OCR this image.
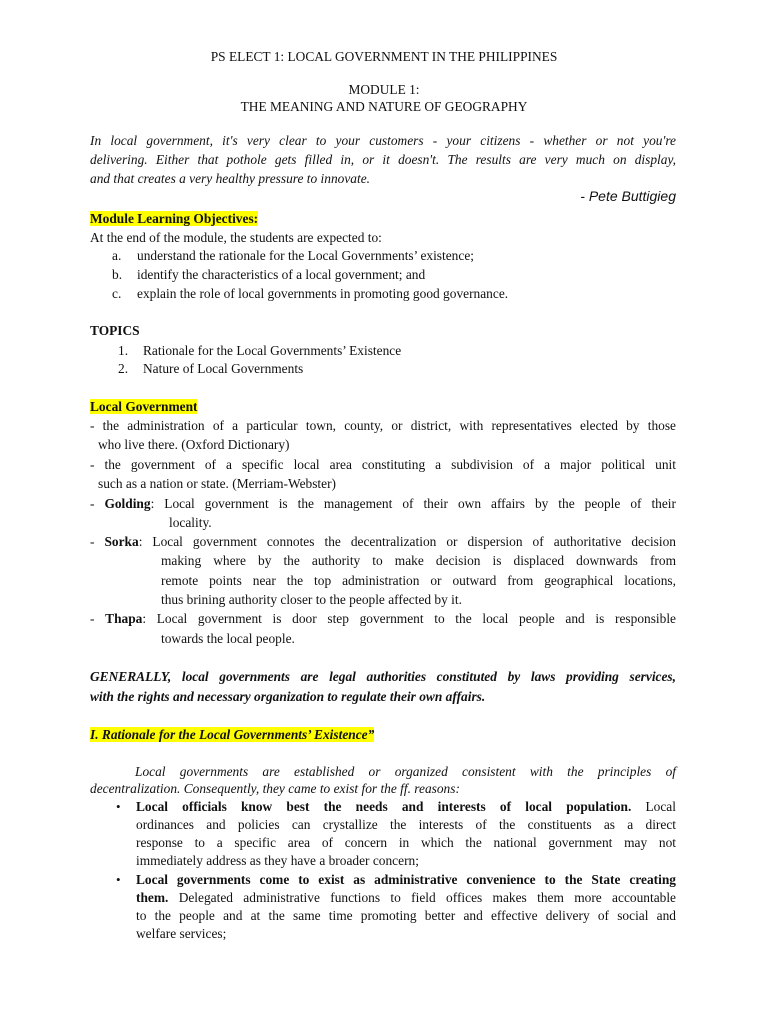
PS ELECT 1: LOCAL GOVERNMENT IN THE PHILIPPINES
MODULE 1:
THE MEANING AND NATURE OF GEOGRAPHY
In local government, it's very clear to your customers - your citizens - whether or not you're
delivering. Either that pothole gets filled in, or it doesn't. The results are very much on display,
and that creates a very healthy pressure to innovate.
- Pete Buttigieg
Module Learning Objectives:
At the end of the module, the students are expected to:
a. understand the rationale for the Local Governments’ existence;
b. identify the characteristics of a local government; and
c. explain the role of local governments in promoting good governance.
TOPICS
1. Rationale for the Local Governments’ Existence
2. Nature of Local Governments
Local Government
- the administration of a particular town, county, or district, with representatives elected by those
who live there. (Oxford Dictionary)
- the government of a specific local area constituting a subdivision of a major political unit
such as a nation or state. (Merriam-Webster)
- Golding: Local government is the management of their own affairs by the people of their
locality.
- Sorka: Local government connotes the decentralization or dispersion of authoritative decision
making where by the authority to make decision is displaced downwards from
remote points near the top administration or outward from geographical locations,
thus brining authority closer to the people affected by it.
- Thapa: Local government is door step government to the local people and is responsible
towards the local people.
GENERALLY, local governments are legal authorities constituted by laws providing services,
with the rights and necessary organization to regulate their own affairs.
I. Rationale for the Local Governments’ Existence”
Local governments are established or organized consistent with the principles of
decentralization. Consequently, they came to exist for the ff. reasons:
• Local officials know best the needs and interests of local population. Local
ordinances and policies can crystallize the interests of the constituents as a direct
response to a specific area of concern in which the national government may not
immediately address as they have a broader concern;
• Local governments come to exist as administrative convenience to the State creating
them. Delegated administrative functions to field offices makes them more accountable
to the people and at the same time promoting better and effective delivery of social and
welfare services;
